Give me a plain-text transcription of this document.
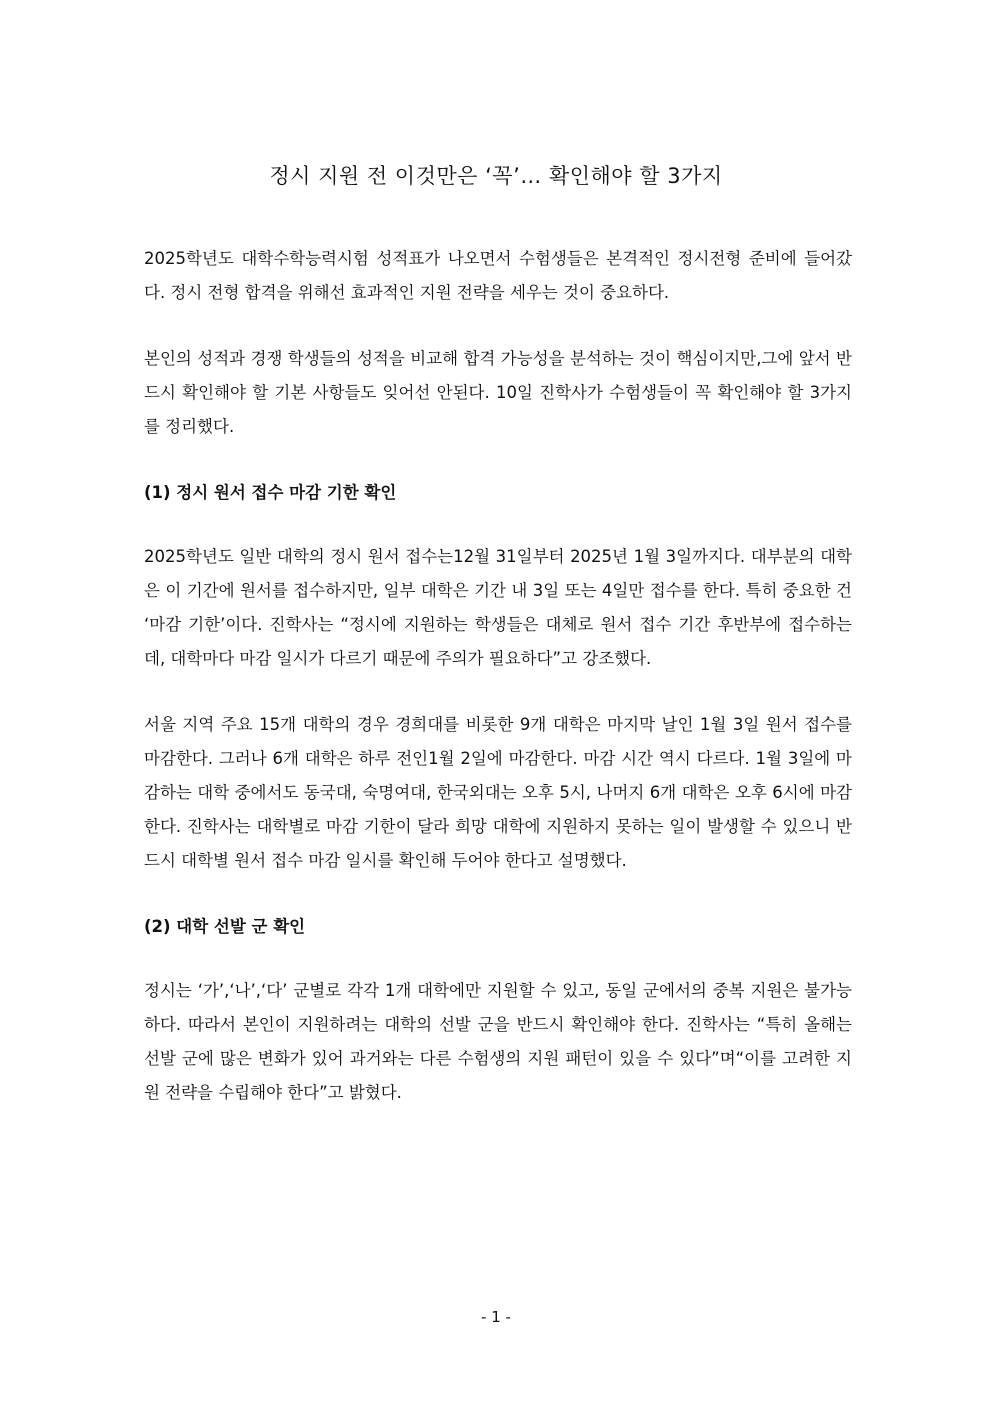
정시 지원 전 이것만은 ‘꼭’… 확인해야 할 3가지

2025학년도 대학수학능력시험 성적표가 나오면서 수험생들은 본격적인 정시전형 준비에 들어갔다. 정시 전형 합격을 위해선 효과적인 지원 전략을 세우는 것이 중요하다.

본인의 성적과 경쟁 학생들의 성적을 비교해 합격 가능성을 분석하는 것이 핵심이지만,그에 앞서 반드시 확인해야 할 기본 사항들도 잊어선 안된다. 10일 진학사가 수험생들이 꼭 확인해야 할 3가지를 정리했다.

(1) 정시 원서 접수 마감 기한 확인

2025학년도 일반 대학의 정시 원서 접수는12월 31일부터 2025년 1월 3일까지다. 대부분의 대학은 이 기간에 원서를 접수하지만, 일부 대학은 기간 내 3일 또는 4일만 접수를 한다. 특히 중요한 건 ‘마감 기한’이다. 진학사는 “정시에 지원하는 학생들은 대체로 원서 접수 기간 후반부에 접수하는데, 대학마다 마감 일시가 다르기 때문에 주의가 필요하다”고 강조했다.

서울 지역 주요 15개 대학의 경우 경희대를 비롯한 9개 대학은 마지막 날인 1월 3일 원서 접수를 마감한다. 그러나 6개 대학은 하루 전인1월 2일에 마감한다. 마감 시간 역시 다르다. 1월 3일에 마감하는 대학 중에서도 동국대, 숙명여대, 한국외대는 오후 5시, 나머지 6개 대학은 오후 6시에 마감한다. 진학사는 대학별로 마감 기한이 달라 희망 대학에 지원하지 못하는 일이 발생할 수 있으니 반드시 대학별 원서 접수 마감 일시를 확인해 두어야 한다고 설명했다.

(2) 대학 선발 군 확인

정시는 ‘가’,‘나’,‘다’ 군별로 각각 1개 대학에만 지원할 수 있고, 동일 군에서의 중복 지원은 불가능하다. 따라서 본인이 지원하려는 대학의 선발 군을 반드시 확인해야 한다. 진학사는 “특히 올해는 선발 군에 많은 변화가 있어 과거와는 다른 수험생의 지원 패턴이 있을 수 있다”며“이를 고려한 지원 전략을 수립해야 한다”고 밝혔다.

- 1 -
